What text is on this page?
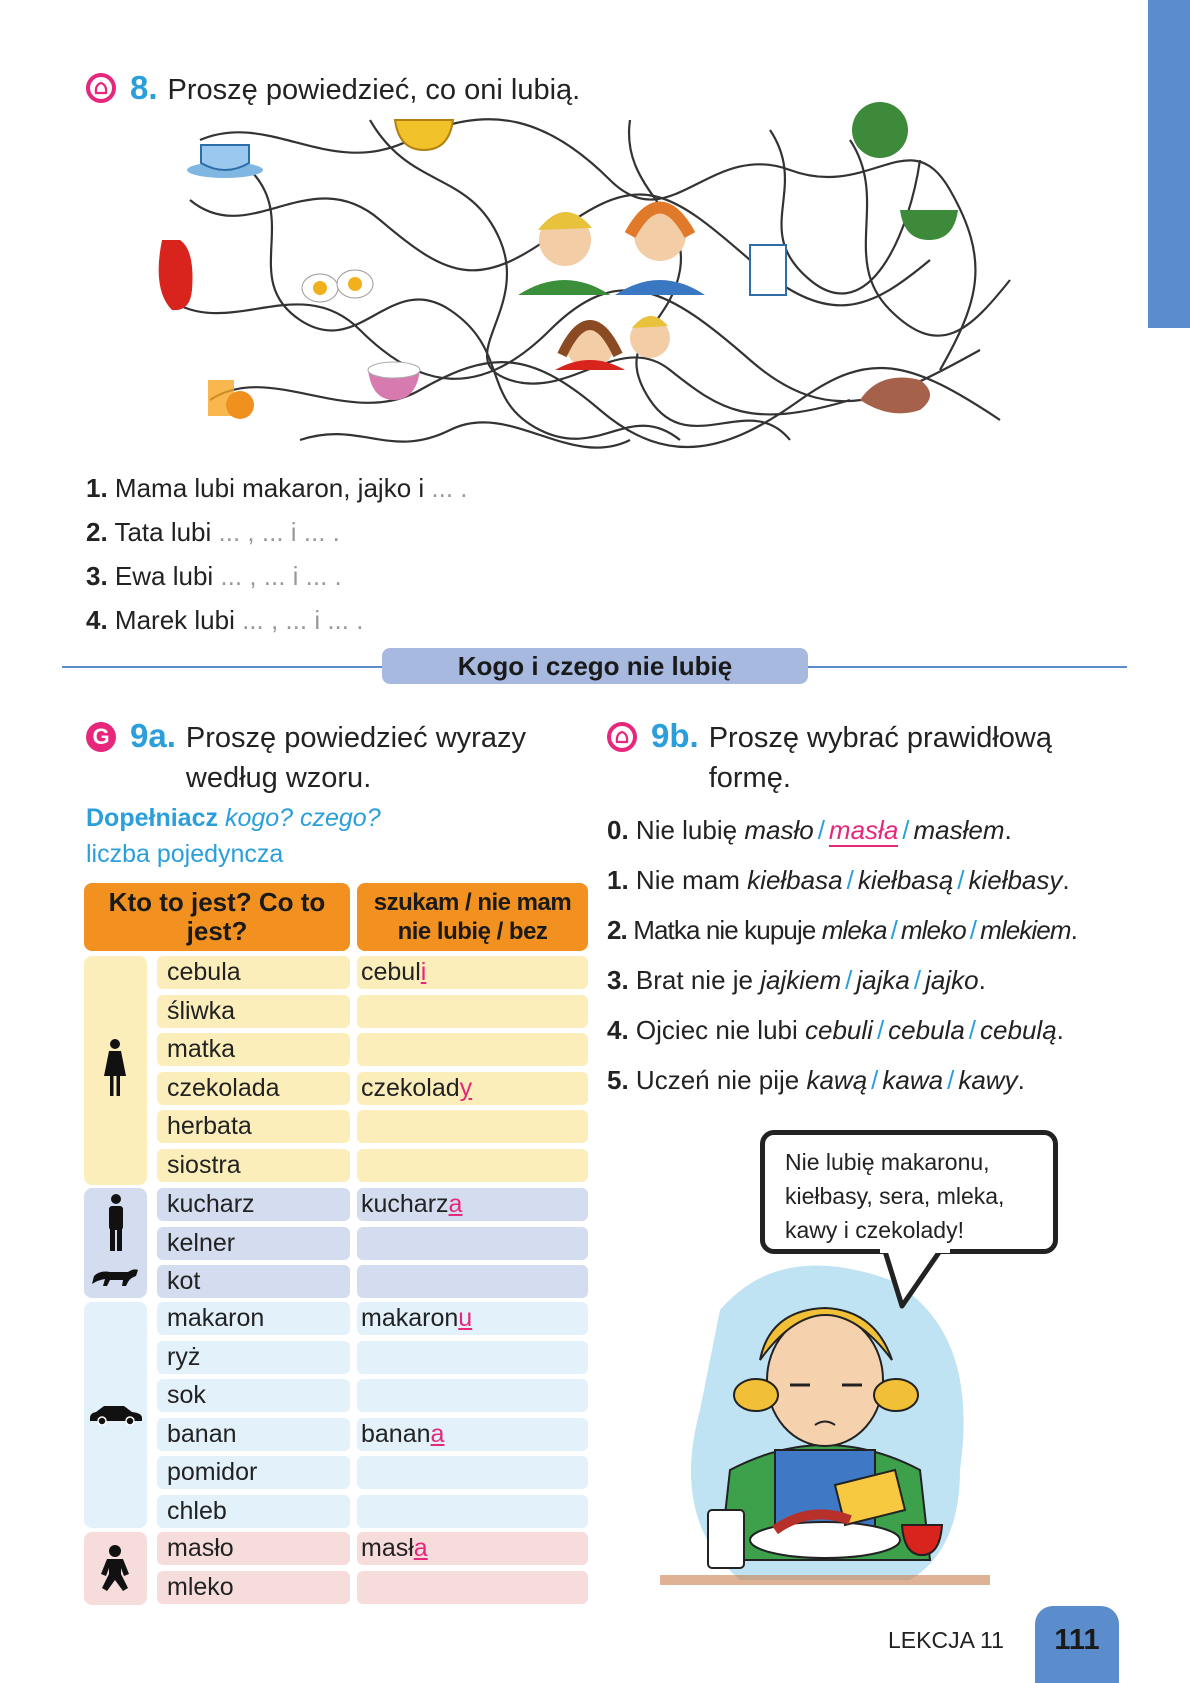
8. Proszę powiedzieć, co oni lubią.
1. Mama lubi makaron, jajko i ... .
2. Tata lubi ... , ... i ... .
3. Ewa lubi ... , ... i ... .
4. Marek lubi ... , ... i ... .
Kogo i czego nie lubię
G 9a. Proszę powiedzieć wyrazy według wzoru.
Dopełniacz kogo? czego?
liczba pojedyncza
Kto to jest? Co to jest?
szukam / nie mam nie lubię / bez
cebula	cebuli
śliwka
matka
czekolada	czekolady
herbata
siostra
kucharz	kucharza
kelner
kot
makaron	makaronu
ryż
sok
banan	banana
pomidor
chleb
masło	masła
mleko
9b. Proszę wybrać prawidłową formę.
0. Nie lubię masło / masła / masłem.
1. Nie mam kiełbasa / kiełbasą / kiełbasy.
2. Matka nie kupuje mleka / mleko / mlekiem.
3. Brat nie je jajkiem / jajka / jajko.
4. Ojciec nie lubi cebuli / cebula / cebulą.
5. Uczeń nie pije kawą / kawa / kawy.
Nie lubię makaronu, kiełbasy, sera, mleka, kawy i czekolady!
LEKCJA 11	111
